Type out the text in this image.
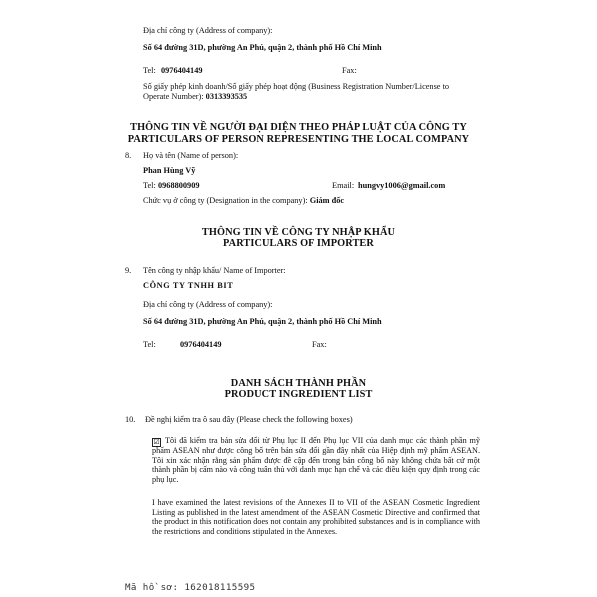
Địa chỉ công ty (Address of company):
Số 64 đường 31D, phường An Phú, quận 2, thành phố Hồ Chí Minh
Tel: 0976404149	Fax:
Số giấy phép kinh doanh/Số giấy phép hoạt động (Business Registration Number/License to
Operate Number): 0313393535
THÔNG TIN VỀ NGƯỜI ĐẠI DIỆN THEO PHÁP LUẬT CỦA CÔNG TY
PARTICULARS OF PERSON REPRESENTING THE LOCAL COMPANY
8. Họ và tên (Name of person):
Phan Hùng Vỹ
Tel: 0968800909	Email: hungvy1006@gmail.com
Chức vụ ở công ty (Designation in the company): Giám đốc
THÔNG TIN VỀ CÔNG TY NHẬP KHẨU
PARTICULARS OF IMPORTER
9. Tên công ty nhập khẩu/ Name of Importer:
CÔNG TY TNHH BIT
Địa chỉ công ty (Address of company):
Số 64 đường 31D, phường An Phú, quận 2, thành phố Hồ Chí Minh
Tel:	0976404149	Fax:
DANH SÁCH THÀNH PHẦN
PRODUCT INGREDIENT LIST
10. Đề nghị kiểm tra ô sau đây (Please check the following boxes)
☑ Tôi đã kiểm tra bản sửa đổi từ Phụ lục II đến Phụ lục VII của danh mục các thành phần mỹ phẩm ASEAN như được công bố trên bản sửa đổi gần đây nhất của Hiệp định mỹ phẩm ASEAN. Tôi xin xác nhận rằng sản phẩm được đề cập đến trong bản công bố này không chứa bất cứ một thành phần bị cấm nào và công tuân thủ với danh mục hạn chế và các điều kiện quy định trong các phụ lục.
I have examined the latest revisions of the Annexes II to VII of the ASEAN Cosmetic Ingredient Listing as published in the latest amendment of the ASEAN Cosmetic Directive and confirmed that the product in this notification does not contain any prohibited substances and is in compliance with the restrictions and conditions stipulated in the Annexes.
Mã hồ sơ: 162018115595
